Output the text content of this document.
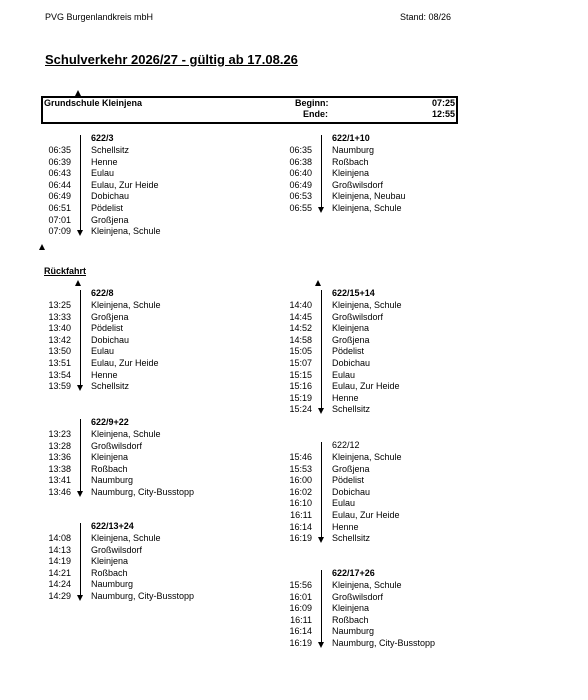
PVG Burgenlandkreis mbH	Stand: 08/26
Schulverkehr 2026/27 - gültig ab 17.08.26
Grundschule Kleinjena	Beginn:	07:25
Ende:	12:55
622/3
06:35 Schellsitz
06:39 Henne
06:43 Eulau
06:44 Eulau, Zur Heide
06:49 Dobichau
06:51 Pödelist
07:01 Großjena
07:09 Kleinjena, Schule
622/1+10
06:35 Naumburg
06:38 Roßbach
06:40 Kleinjena
06:49 Großwilsdorf
06:53 Kleinjena, Neubau
06:55 Kleinjena, Schule
Rückfahrt
622/8
13:25 Kleinjena, Schule
13:33 Großjena
13:40 Pödelist
13:42 Dobichau
13:50 Eulau
13:51 Eulau, Zur Heide
13:54 Henne
13:59 Schellsitz
622/9+22
13:23 Kleinjena, Schule
13:28 Großwilsdorf
13:36 Kleinjena
13:38 Roßbach
13:41 Naumburg
13:46 Naumburg, City-Busstopp
622/13+24
14:08 Kleinjena, Schule
14:13 Großwilsdorf
14:19 Kleinjena
14:21 Roßbach
14:24 Naumburg
14:29 Naumburg, City-Busstopp
622/15+14
14:40 Kleinjena, Schule
14:45 Großwilsdorf
14:52 Kleinjena
14:58 Großjena
15:05 Pödelist
15:07 Dobichau
15:15 Eulau
15:16 Eulau, Zur Heide
15:19 Henne
15:24 Schellsitz
622/12
15:46 Kleinjena, Schule
15:53 Großjena
16:00 Pödelist
16:02 Dobichau
16:10 Eulau
16:11 Eulau, Zur Heide
16:14 Henne
16:19 Schellsitz
622/17+26
15:56 Kleinjena, Schule
16:01 Großwilsdorf
16:09 Kleinjena
16:11 Roßbach
16:14 Naumburg
16:19 Naumburg, City-Busstopp
